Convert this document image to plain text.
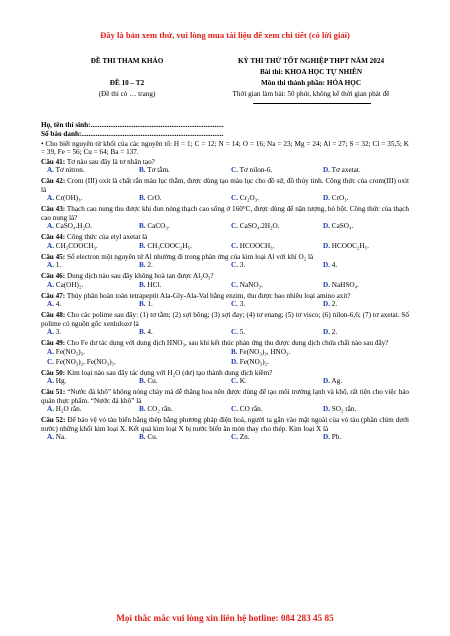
Đây là bản xem thử, vui lòng mua tài liệu để xem chi tiết (có lời giải)
ĐỀ THI THAM KHẢO
ĐỀ 10 – T2
(Đề thi có … trang)
KỲ THI THỬ TỐT NGHIỆP THPT NĂM 2024
Bài thi: KHOA HỌC TỰ NHIÊN
Môn thi thành phần: HÓA HỌC
Thời gian làm bài: 50 phút, không kể thời gian phát đề
Họ, tên thí sinh:..........................................................................
Số báo danh:...............................................................................
• Cho biết nguyên tử khối của các nguyên tố: H = 1; C = 12; N = 14; O = 16; Na = 23; Mg = 24; Al = 27; S = 32; Cl = 35,5; K = 39, Fe = 56; Cu = 64; Ba = 137.
Câu 41: Tơ nào sau đây là tơ nhân tạo?
A. Tơ nitron.	B. Tơ tằm.	C. Tơ nilon-6.	D. Tơ axetat.
Câu 42: Crom (III) oxit là chất rắn màu lục thẫm, được dùng tạo màu lục cho đồ sứ, đồ thủy tinh. Công thức của crom(III) oxit là
A. Cr(OH)₃.	B. CrO.	C. Cr₂O₃.	D. CrO₃.
Câu 43: Thạch cao nung thu được khi đun nóng thạch cao sống ở 160°C, được dùng để nặn tượng, bó bột. Công thức của thạch cao nung là?
A. CaSO₄.H₂O.	B. CaCO₃.	C. CaSO₄.2H₂O.	D. CaSO₄.
Câu 44: Công thức của etyl axetat là
A. CH₃COOCH₃.	B. CH₃COOC₂H₅.	C. HCOOCH₃.	D. HCOOC₂H₅.
Câu 45: Số electron một nguyên tử Al nhường đi trong phản ứng của kim loại Al với khí O₂ là
A. 1.	B. 2.	C. 3.	D. 4.
Câu 46: Dung dịch nào sau đây không hoà tan được Al₂O₃?
A. Ca(OH)₂.	B. HCl.	C. NaNO₃.	D. NaHSO₄.
Câu 47: Thủy phân hoàn toàn tetrapeptit Ala-Gly-Ala-Val bằng enzim, thu được bao nhiêu loại amino axit?
A. 4.	B. 1.	C. 3.	D. 2.
Câu 48: Cho các polime sau đây: (1) tơ tằm; (2) sợi bông; (3) sợi đay; (4) tơ enang; (5) tơ visco; (6) nilon-6,6; (7) tơ axetat. Số polime có nguồn gốc xenlulozơ là
A. 3.	B. 4.	C. 5.	D. 2.
Câu 49: Cho Fe dư tác dụng với dung dịch HNO₃, sau khi kết thúc phản ứng thu được dung dịch chứa chất nào sau đây?
A. Fe(NO₃)₃.	B. Fe(NO₃)₃, HNO₃.
C. Fe(NO₃)₂, Fe(NO₃)₃.	D. Fe(NO₃)₂.
Câu 50: Kim loại nào sau đây tác dụng với H₂O (dư) tạo thành dung dịch kiềm?
A. Hg.	B. Cu.	C. K.	D. Ag.
Câu 51: “Nước đá khô” không nóng chảy mà dễ thăng hoa nên được dùng để tạo môi trường lạnh và khô, rất tiện cho việc bảo quản thực phẩm. “Nước đá khô” là
A. H₂O rắn.	B. CO₂ rắn.	C. CO rắn.	D. SO₂ rắn.
Câu 52: Để bảo vệ vỏ tàu biển bằng thép bằng phương pháp điện hoá, người ta gắn vào mặt ngoài của vỏ tàu (phần chìm dưới nước) những khối kim loại X. Kết quả kim loại X bị nước biển ăn mòn thay cho thép. Kim loại X là
A. Na.	B. Cu.	C. Zn.	D. Pb.
Mọi thắc mắc vui lòng xin liên hệ hotline: 084 283 45 85
